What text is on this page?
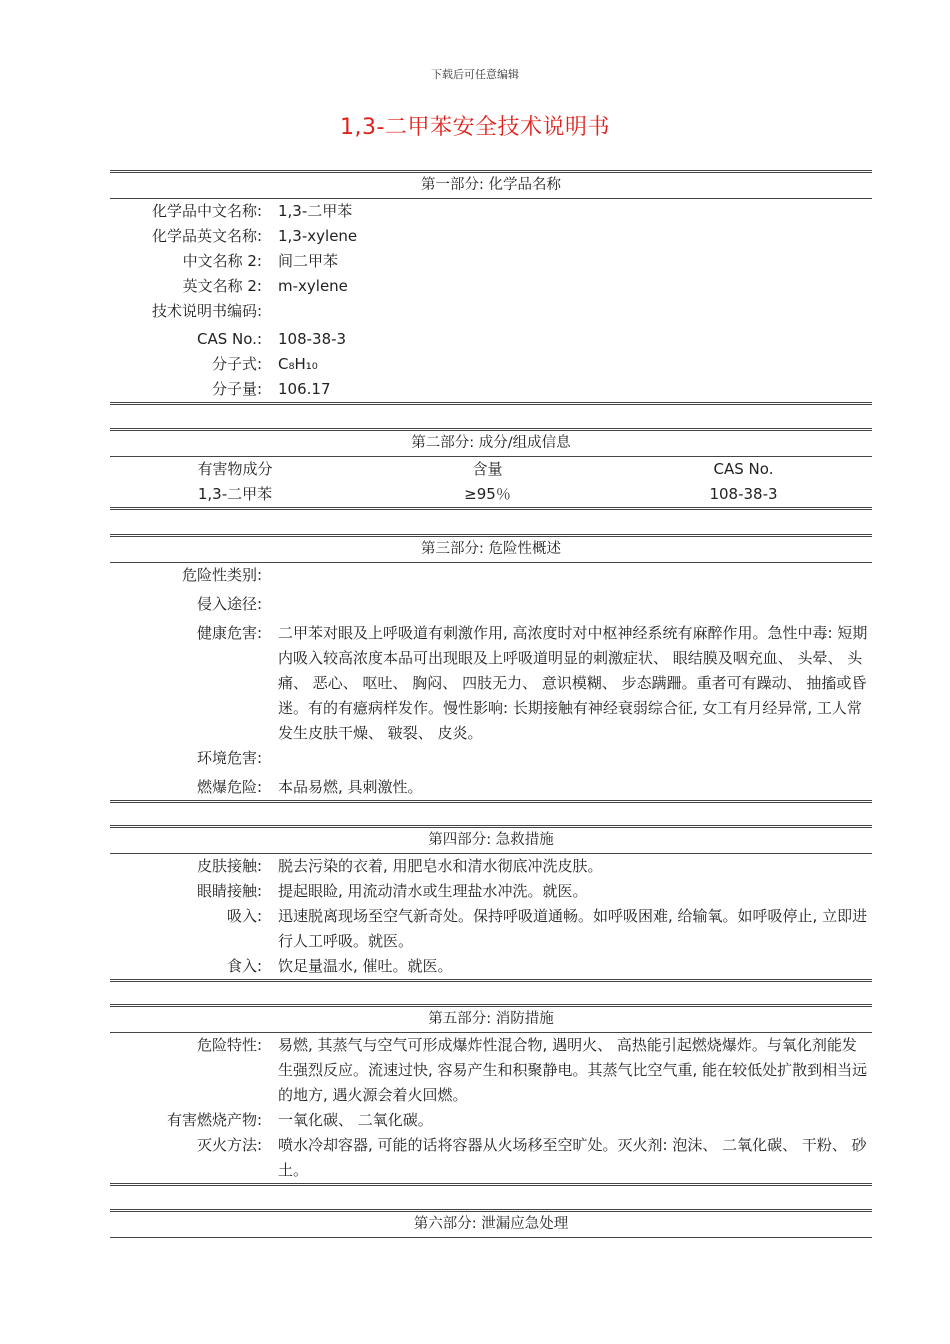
下载后可任意编辑
1,3-二甲苯安全技术说明书
第一部分: 化学品名称
化学品中文名称: 1,3-二甲苯
化学品英文名称: 1,3-xylene
中文名称 2: 间二甲苯
英文名称 2: m-xylene
技术说明书编码:
CAS No.: 108-38-3
分子式: C₈H₁₀
分子量: 106.17
第二部分: 成分/组成信息
有害物成分	含量	CAS No.
1,3-二甲苯	≥95％	108-38-3
第三部分: 危险性概述
危险性类别:
侵入途径:
健康危害: 二甲苯对眼及上呼吸道有刺激作用, 高浓度时对中枢神经系统有麻醉作用。急性中毒: 短期内吸入较高浓度本品可出现眼及上呼吸道明显的刺激症状、 眼结膜及咽充血、 头晕、 头痛、 恶心、 呕吐、 胸闷、 四肢无力、 意识模糊、 步态蹒跚。重者可有躁动、 抽搐或昏迷。有的有癔病样发作。慢性影响: 长期接触有神经衰弱综合征, 女工有月经异常, 工人常发生皮肤干燥、 皲裂、 皮炎。
环境危害:
燃爆危险: 本品易燃, 具刺激性。
第四部分: 急救措施
皮肤接触: 脱去污染的衣着, 用肥皂水和清水彻底冲洗皮肤。
眼睛接触: 提起眼睑, 用流动清水或生理盐水冲洗。就医。
吸入: 迅速脱离现场至空气新奇处。保持呼吸道通畅。如呼吸困难, 给输氧。如呼吸停止, 立即进行人工呼吸。就医。
食入: 饮足量温水, 催吐。就医。
第五部分: 消防措施
危险特性: 易燃, 其蒸气与空气可形成爆炸性混合物, 遇明火、 高热能引起燃烧爆炸。与氧化剂能发生强烈反应。流速过快, 容易产生和积聚静电。其蒸气比空气重, 能在较低处扩散到相当远的地方, 遇火源会着火回燃。
有害燃烧产物: 一氧化碳、 二氧化碳。
灭火方法: 喷水冷却容器, 可能的话将容器从火场移至空旷处。灭火剂: 泡沫、 二氧化碳、 干粉、 砂土。
第六部分: 泄漏应急处理
